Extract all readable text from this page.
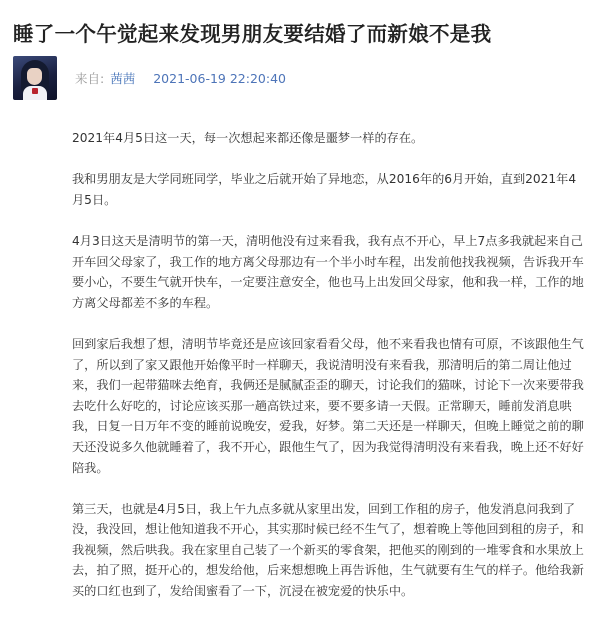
睡了一个午觉起来发现男朋友要结婚了而新娘不是我
来自: 茜茜 2021-06-19 22:20:40

2021年4月5日这一天，每一次想起来都还像是噩梦一样的存在。

我和男朋友是大学同班同学，毕业之后就开始了异地恋，从2016年的6月开始，直到2021年4月5日。

4月3日这天是清明节的第一天，清明他没有过来看我，我有点不开心，早上7点多我就起来自己开车回父母家了，我工作的地方离父母那边有一个半小时车程，出发前他找我视频，告诉我开车要小心，不要生气就开快车，一定要注意安全，他也马上出发回父母家，他和我一样，工作的地方离父母都差不多的车程。

回到家后我想了想，清明节毕竟还是应该回家看看父母，他不来看我也情有可原，不该跟他生气了，所以到了家又跟他开始像平时一样聊天，我说清明没有来看我，那清明后的第二周让他过来，我们一起带猫咪去绝育，我俩还是腻腻歪歪的聊天，讨论我们的猫咪，讨论下一次来要带我去吃什么好吃的，讨论应该买那一趟高铁过来，要不要多请一天假。正常聊天，睡前发消息哄我，日复一日万年不变的睡前说晚安，爱我，好梦。第二天还是一样聊天，但晚上睡觉之前的聊天还没说多久他就睡着了，我不开心，跟他生气了，因为我觉得清明没有来看我，晚上还不好好陪我。

第三天，也就是4月5日，我上午九点多就从家里出发，回到工作租的房子，他发消息问我到了没，我没回，想让他知道我不开心，其实那时候已经不生气了，想着晚上等他回到租的房子，和我视频，然后哄我。我在家里自己装了一个新买的零食架，把他买的刚到的一堆零食和水果放上去，拍了照，挺开心的，想发给他，后来想想晚上再告诉他，生气就要有生气的样子。他给我新买的口红也到了，发给闺蜜看了一下，沉浸在被宠爱的快乐中。
